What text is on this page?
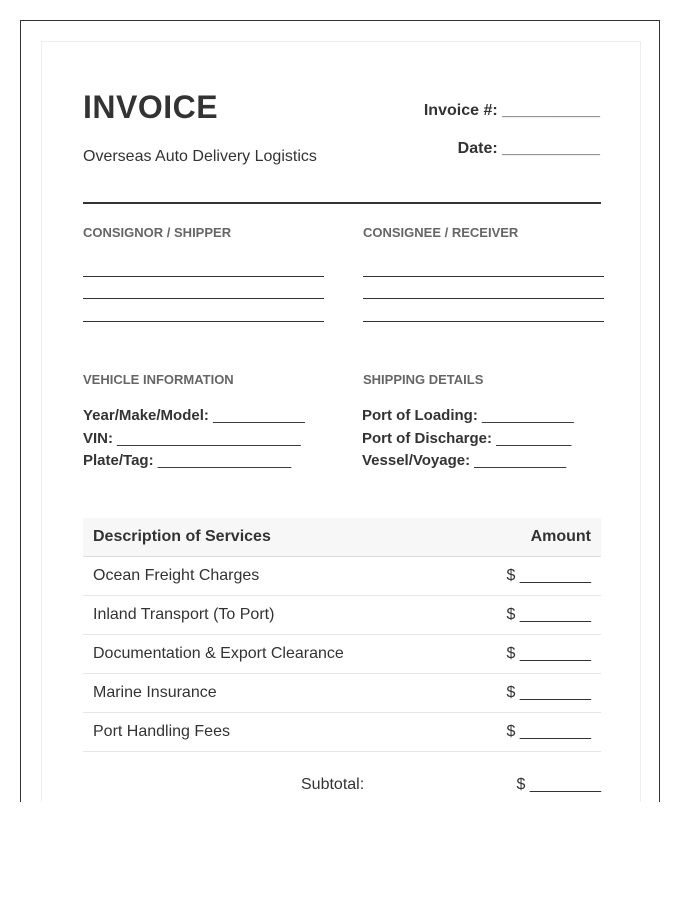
INVOICE
Overseas Auto Delivery Logistics
Invoice #: ___________
Date: ___________
CONSIGNOR / SHIPPER	CONSIGNEE / RECEIVER
VEHICLE INFORMATION
Year/Make/Model: ___________
VIN: ______________________
Plate/Tag: ________________
SHIPPING DETAILS
Port of Loading: ___________
Port of Discharge: _________
Vessel/Voyage: ___________
Description of Services	Amount
Ocean Freight Charges	$ ________
Inland Transport (To Port)	$ ________
Documentation & Export Clearance	$ ________
Marine Insurance	$ ________
Port Handling Fees	$ ________
Subtotal:	$ ________
